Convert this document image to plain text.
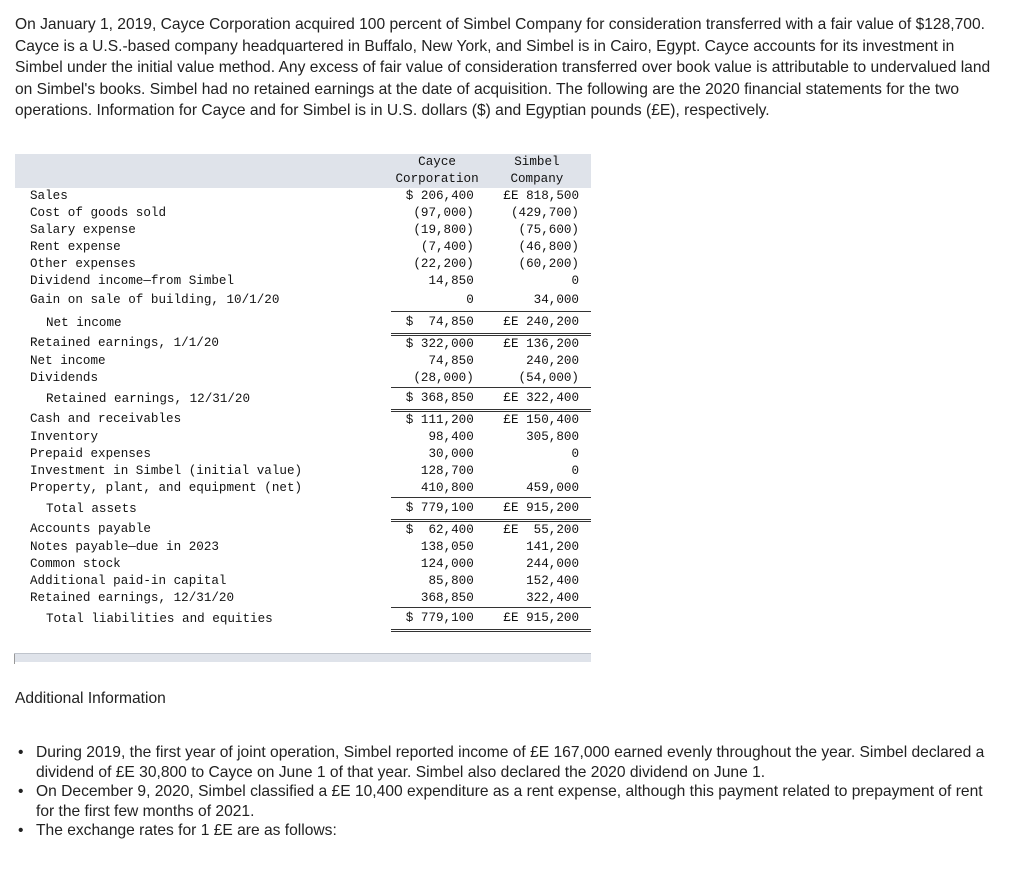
On January 1, 2019, Cayce Corporation acquired 100 percent of Simbel Company for consideration transferred with a fair value of $128,700. Cayce is a U.S.-based company headquartered in Buffalo, New York, and Simbel is in Cairo, Egypt. Cayce accounts for its investment in Simbel under the initial value method. Any excess of fair value of consideration transferred over book value is attributable to undervalued land on Simbel's books. Simbel had no retained earnings at the date of acquisition. The following are the 2020 financial statements for the two operations. Information for Cayce and for Simbel is in U.S. dollars ($) and Egyptian pounds (£E), respectively.

		Cayce	Simbel
		Corporation	Company
Sales		$ 206,400	£E 818,500
Cost of goods sold		(97,000)	(429,700)
Salary expense		(19,800)	(75,600)
Rent expense		(7,400)	(46,800)
Other expenses		(22,200)	(60,200)
Dividend income—from Simbel		14,850	0
Gain on sale of building, 10/1/20		0	34,000
Net income		$  74,850	£E 240,200
Retained earnings, 1/1/20		$ 322,000	£E 136,200
Net income		74,850	240,200
Dividends		(28,000)	(54,000)
Retained earnings, 12/31/20		$ 368,850	£E 322,400
Cash and receivables		$ 111,200	£E 150,400
Inventory		98,400	305,800
Prepaid expenses		30,000	0
Investment in Simbel (initial value)		128,700	0
Property, plant, and equipment (net)		410,800	459,000
Total assets		$ 779,100	£E 915,200
Accounts payable		$  62,400	£E  55,200
Notes payable—due in 2023		138,050	141,200
Common stock		124,000	244,000
Additional paid-in capital		85,800	152,400
Retained earnings, 12/31/20		368,850	322,400
Total liabilities and equities		$ 779,100	£E 915,200
Additional Information
• During 2019, the first year of joint operation, Simbel reported income of £E 167,000 earned evenly throughout the year. Simbel declared a dividend of £E 30,800 to Cayce on June 1 of that year. Simbel also declared the 2020 dividend on June 1.
• On December 9, 2020, Simbel classified a £E 10,400 expenditure as a rent expense, although this payment related to prepayment of rent for the first few months of 2021.
• The exchange rates for 1 £E are as follows:
